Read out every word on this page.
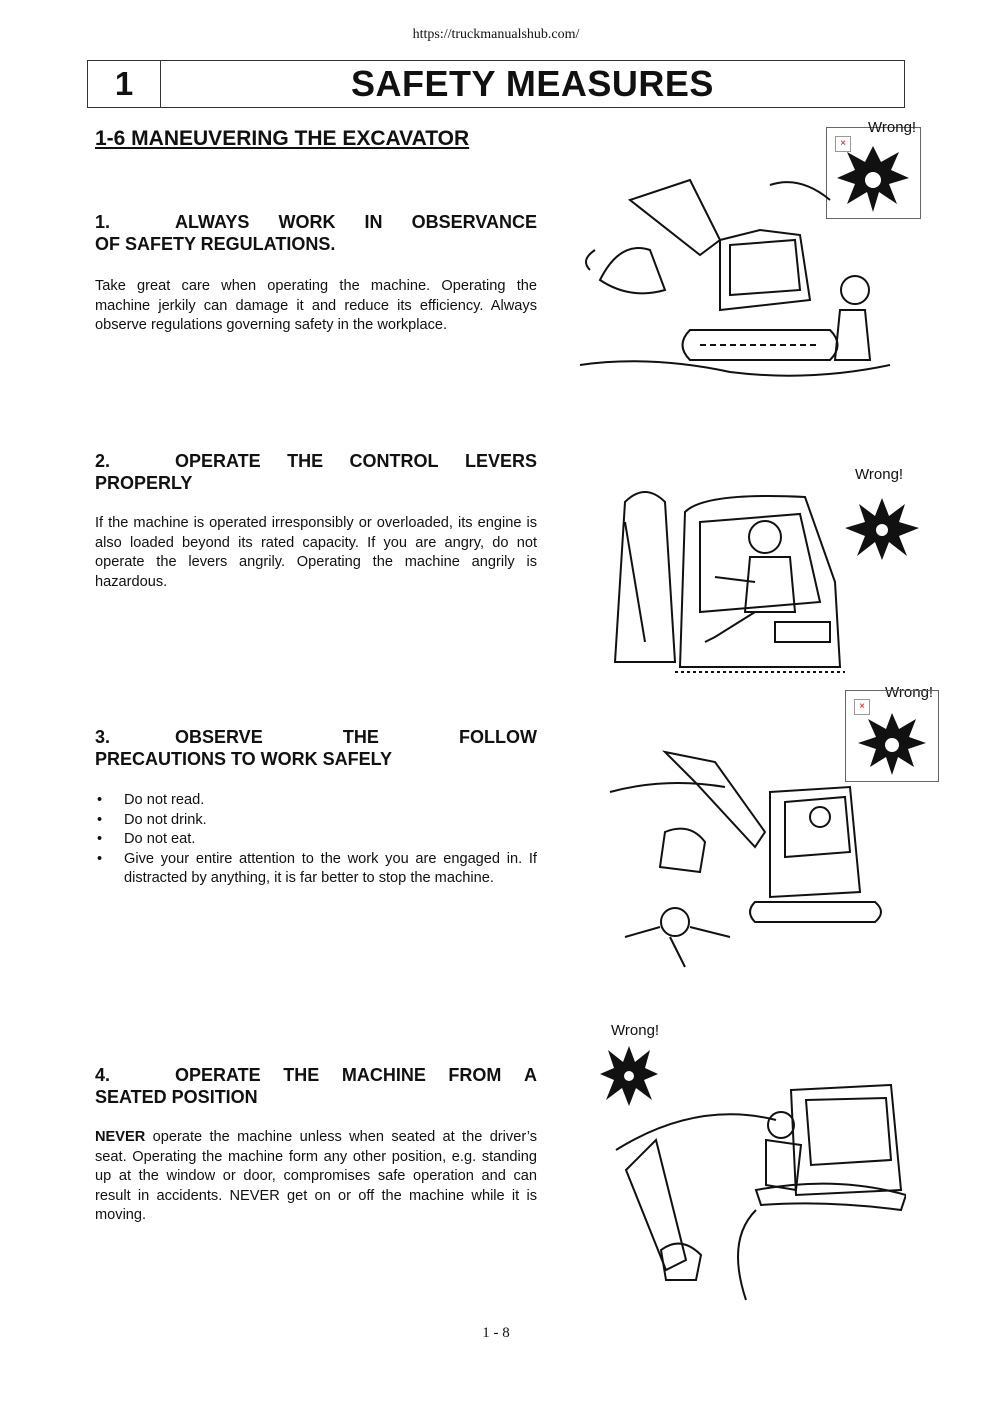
https://truckmanualshub.com/
1	SAFETY MEASURES
1-6 MANEUVERING THE EXCAVATOR
1.	ALWAYS WORK IN OBSERVANCE
OF SAFETY REGULATIONS.
Take great care when operating the machine. Operating the machine jerkily can damage it and reduce its efficiency. Always observe regulations governing safety in the workplace.
2.	OPERATE THE CONTROL LEVERS
PROPERLY
If the machine is operated irresponsibly or overloaded, its engine is also loaded beyond its rated capacity. If you are angry, do not operate the levers angrily. Operating the machine angrily is hazardous.
3.	OBSERVE	THE	FOLLOW
PRECAUTIONS TO WORK SAFELY
• Do not read.
• Do not drink.
• Do not eat.
• Give your entire attention to the work you are engaged in. If distracted by anything, it is far better to stop the machine.
4.	OPERATE THE MACHINE FROM A
SEATED POSITION
NEVER operate the machine unless when seated at the driver’s seat. Operating the machine form any other position, e.g. standing up at the window or door, compromises safe operation and can result in accidents. NEVER get on or off the machine while it is moving.
×
Wrong!
Wrong!
Wrong!
×
Wrong!
1 - 8
